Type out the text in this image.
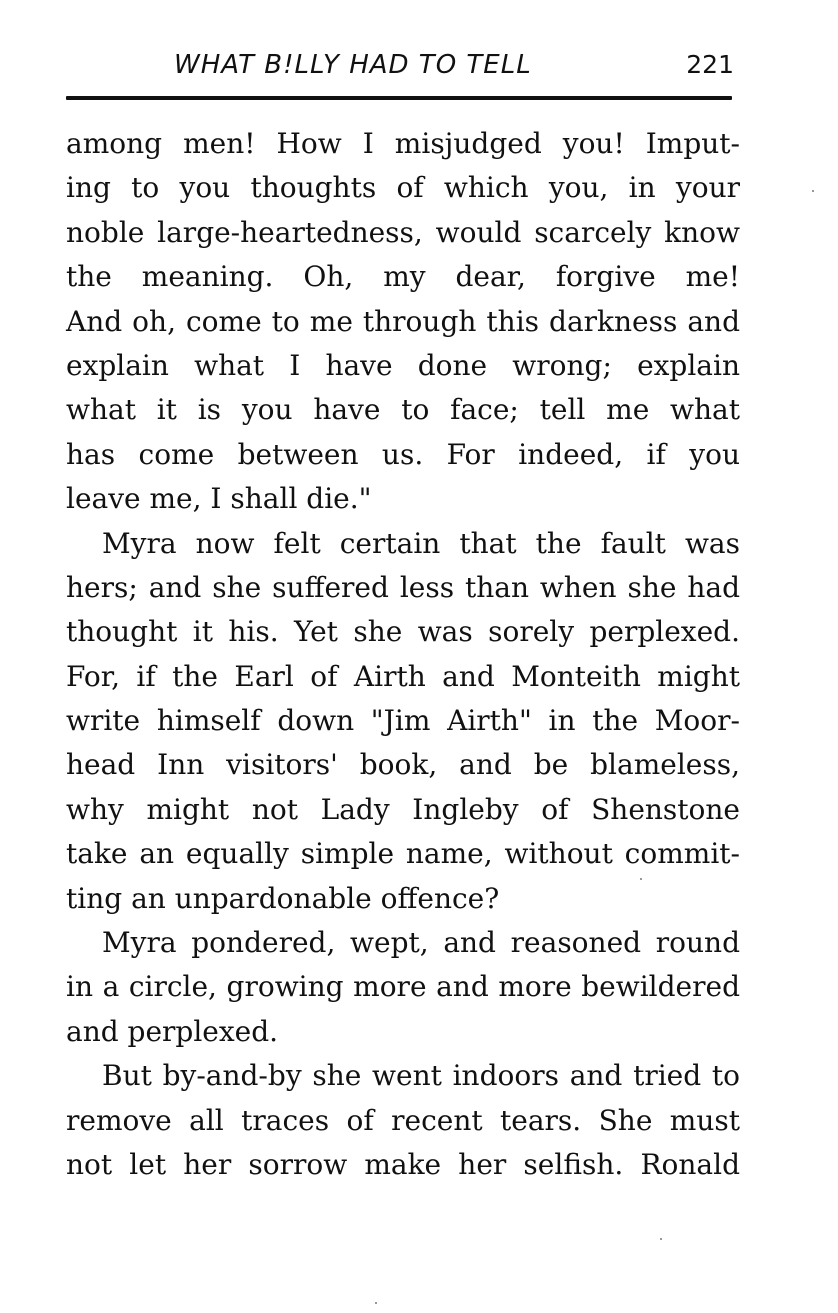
WHAT B!LLY HAD TO TELL	221
among men! How I misjudged you! Imput-
ing to you thoughts of which you, in your
noble large-heartedness, would scarcely know
the meaning. Oh, my dear, forgive me!
And oh, come to me through this darkness and
explain what I have done wrong; explain
what it is you have to face; tell me what
has come between us. For indeed, if you
leave me, I shall die."
Myra now felt certain that the fault was
hers; and she suffered less than when she had
thought it his. Yet she was sorely perplexed.
For, if the Earl of Airth and Monteith might
write himself down "Jim Airth" in the Moor-
head Inn visitors' book, and be blameless,
why might not Lady Ingleby of Shenstone
take an equally simple name, without commit-
ting an unpardonable offence?
Myra pondered, wept, and reasoned round
in a circle, growing more and more bewildered
and perplexed.
But by-and-by she went indoors and tried to
remove all traces of recent tears. She must
not let her sorrow make her selfish. Ronald
